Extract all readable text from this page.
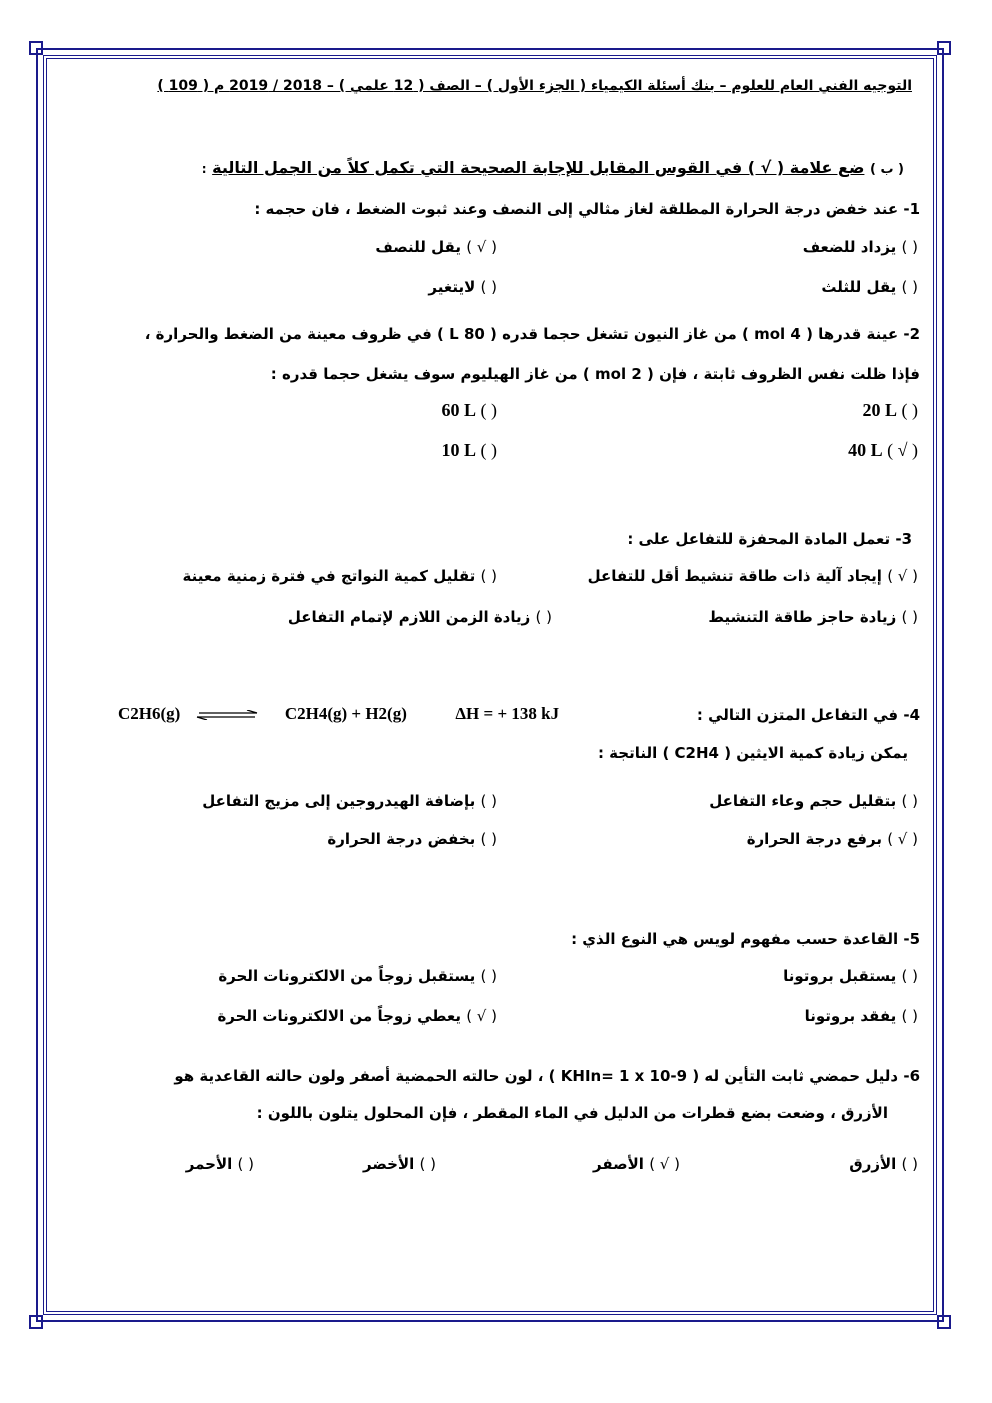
التوجيه الفني العام للعلوم – بنك أسئلة الكيمياء ( الجزء الأول ) – الصف ( 12 علمي ) – 2018 / 2019 م ( 109 )
( ب ) ضع علامة ( √ ) في القوس المقابل للإجابة الصحيحة التي تكمل كلاً من الجمل التالية :
1- عند خفض درجة الحرارة المطلقة لغاز مثالي إلى النصف وعند ثبوت الضغط ، فان حجمه :
( ) يزداد للضعف
( √ ) يقل للنصف
( ) يقل للثلث
( ) لايتغير
2- عينة قدرها ( 4 mol ) من غاز النيون تشغل حجما قدره ( 80 L ) في ظروف معينة من الضغط والحرارة ،
فإذا ظلت نفس الظروف ثابتة ، فإن ( 2 mol ) من غاز الهيليوم سوف يشغل حجما قدره :
( ) 20 L
( ) 60 L
( √ ) 40 L
( ) 10 L
3- تعمل المادة المحفزة للتفاعل على :
( √ ) إيجاد آلية ذات طاقة تنشيط أقل للتفاعل
( ) تقليل كمية النواتج في فترة زمنية معينة
( ) زيادة حاجز طاقة التنشيط
( ) زيادة الزمن اللازم لإتمام التفاعل
4- في التفاعل المتزن التالي :
C2H6(g) ⇌ C2H4(g) + H2(g)	ΔH = + 138 kJ
يمكن زيادة كمية الايثين ( C2H4 ) الناتجة :
( ) بتقليل حجم وعاء التفاعل
( ) بإضافة الهيدروجين إلى مزيج التفاعل
( √ ) برفع درجة الحرارة
( ) بخفض درجة الحرارة
5- القاعدة حسب مفهوم لويس هي النوع الذي :
( ) يستقبل بروتونا
( ) يستقبل زوجاً من الالكترونات الحرة
( ) يفقد بروتونا
( √ ) يعطي زوجاً من الالكترونات الحرة
6- دليل حمضي ثابت التأين له ( KHIn= 1 x 10-9 ) ، لون حالته الحمضية أصفر ولون حالته القاعدية هو
الأزرق ، وضعت بضع قطرات من الدليل في الماء المقطر ، فإن المحلول يتلون باللون :
( ) الأزرق
( √ ) الأصفر
( ) الأخضر
( ) الأحمر
